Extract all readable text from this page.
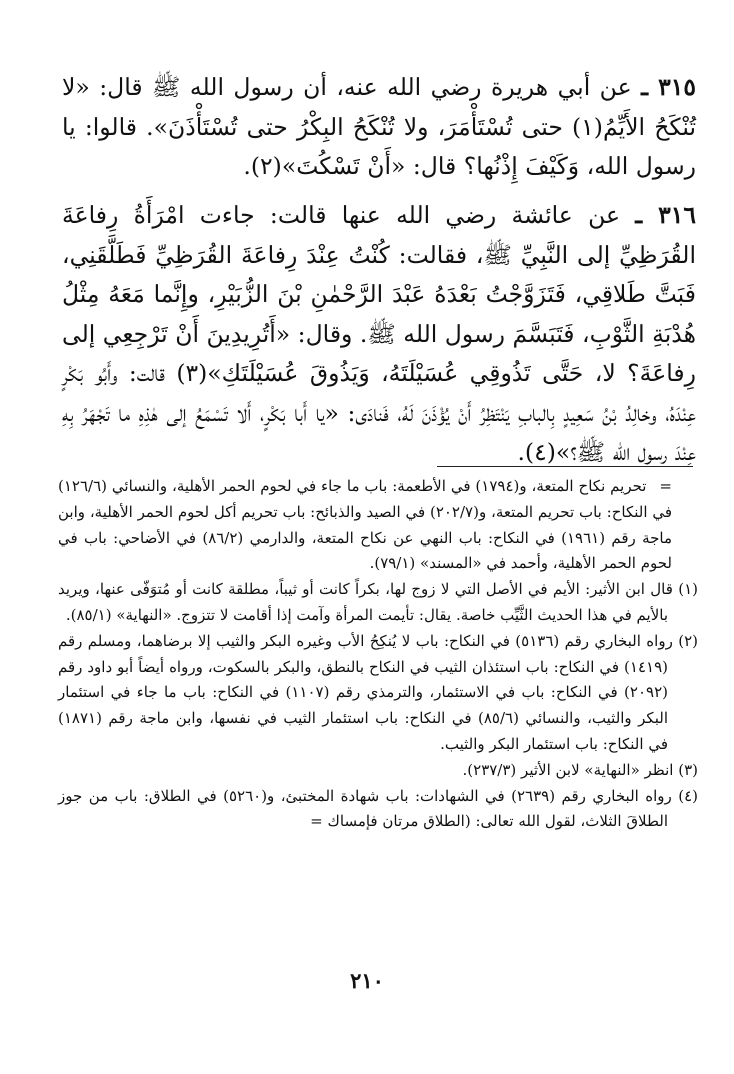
٣١٥ ـ عن أبي هريرة رضي الله عنه، أن رسول الله ﷺ قال: «لا تُنْكَحُ الأَيِّمُ(١) حتى تُسْتَأْمَرَ، ولا تُنْكَحُ البِكْرُ حتى تُسْتَأْذَنَ». قالوا: يا رسول الله، وَكَيْفَ إِذْنُها؟ قال: «أَنْ تَسْكُتَ»(٢).

٣١٦ ـ عن عائشة رضي الله عنها قالت: جاءت امْرَأَةُ رِفاعَةَ القُرَظِيِّ إلى النَّبِيِّ ﷺ، فقالت: كُنْتُ عِنْدَ رِفاعَةَ القُرَظِيِّ فَطَلَّقَنِي، فَبَتَّ طَلاقِي، فَتَزَوَّجْتُ بَعْدَهُ عَبْدَ الرَّحْمٰنِ بْنَ الزُّبَيْرِ، وإِنَّما مَعَهُ مِثْلُ هُدْبَةِ الثَّوْبِ، فَتَبَسَّمَ رسول الله ﷺ. وقال: «أَتُرِيدِينَ أَنْ تَرْجِعِي إلى رِفاعَةَ؟ لا، حَتَّى تَذُوقِي عُسَيْلَتَهُ، وَيَذُوقَ عُسَيْلَتَكِ»(٣) قالت: وأَبُو بَكْرٍ عِنْدَهُ، وخالِدُ بْنُ سَعِيدٍ بِالبابِ يَنْتَظِرُ أَنْ يُؤْذَنَ لَهُ، فَنادَى: «يا أَبا بَكْرٍ، أَلا تَسْمَعُ إلى هٰذِهِ ما تَجْهَرُ بِهِ عِنْدَ رسول الله ﷺ؟»(٤).

= تحريم نكاح المتعة، و(١٧٩٤) في الأطعمة: باب ما جاء في لحوم الحمر الأهلية، والنسائي (١٢٦/٦) في النكاح: باب تحريم المتعة، و(٢٠٢/٧) في الصيد والذبائح: باب تحريم أكل لحوم الحمر الأهلية، وابن ماجة رقم (١٩٦١) في النكاح: باب النهي عن نكاح المتعة، والدارمي (٨٦/٢) في الأضاحي: باب في لحوم الحمر الأهلية، وأحمد في «المسند» (٧٩/١).

(١) قال ابن الأثير: الأيم في الأصل التي لا زوج لها، بكراً كانت أو ثيباً، مطلقة كانت أو مُتوَفّى عنها، ويريد بالأيم في هذا الحديث الثَّيِّب خاصة. يقال: تأيمت المرأة وآمت إذا أقامت لا تتزوج. «النهاية» (٨٥/١).

(٢) رواه البخاري رقم (٥١٣٦) في النكاح: باب لا يُنكِحُ الأب وغيره البكر والثيب إلا برضاهما، ومسلم رقم (١٤١٩) في النكاح: باب استئذان الثيب في النكاح بالنطق، والبكر بالسكوت، ورواه أيضاً أبو داود رقم (٢٠٩٢) في النكاح: باب في الاستئمار، والترمذي رقم (١١٠٧) في النكاح: باب ما جاء في استئمار البكر والثيب، والنسائي (٨٥/٦) في النكاح: باب استئمار الثيب في نفسها، وابن ماجة رقم (١٨٧١) في النكاح: باب استئمار البكر والثيب.

(٣) انظر «النهاية» لابن الأثير (٢٣٧/٣).

(٤) رواه البخاري رقم (٢٦٣٩) في الشهادات: باب شهادة المختبئ، و(٥٢٦٠) في الطلاق: باب من جوز الطلاقَ الثلاث، لقول الله تعالى: (الطلاق مرتان فإمساك =

٢١٠
